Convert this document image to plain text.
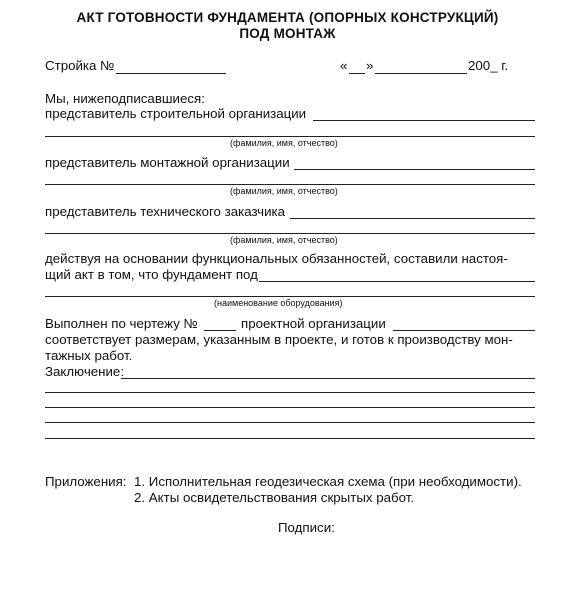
АКТ ГОТОВНОСТИ ФУНДАМЕНТА (ОПОРНЫХ КОНСТРУКЦИЙ)
ПОД МОНТАЖ
Стройка №	« »	200_ г.
Мы, нижеподписавшиеся:
представитель строительной организации
(фамилия, имя, отчество)
представитель монтажной организации
(фамилия, имя, отчество)
представитель технического заказчика
(фамилия, имя, отчество)
действуя на основании функциональных обязанностей, составили настоя-
щий акт в том, что фундамент под
(наименование оборудования)
Выполнен по чертежу №	проектной организации
соответствует размерам, указанным в проекте, и готов к производству мон-
тажных работ.
Заключение:
Приложения: 1. Исполнительная геодезическая схема (при необходимости).
2. Акты освидетельствования скрытых работ.
Подписи:
